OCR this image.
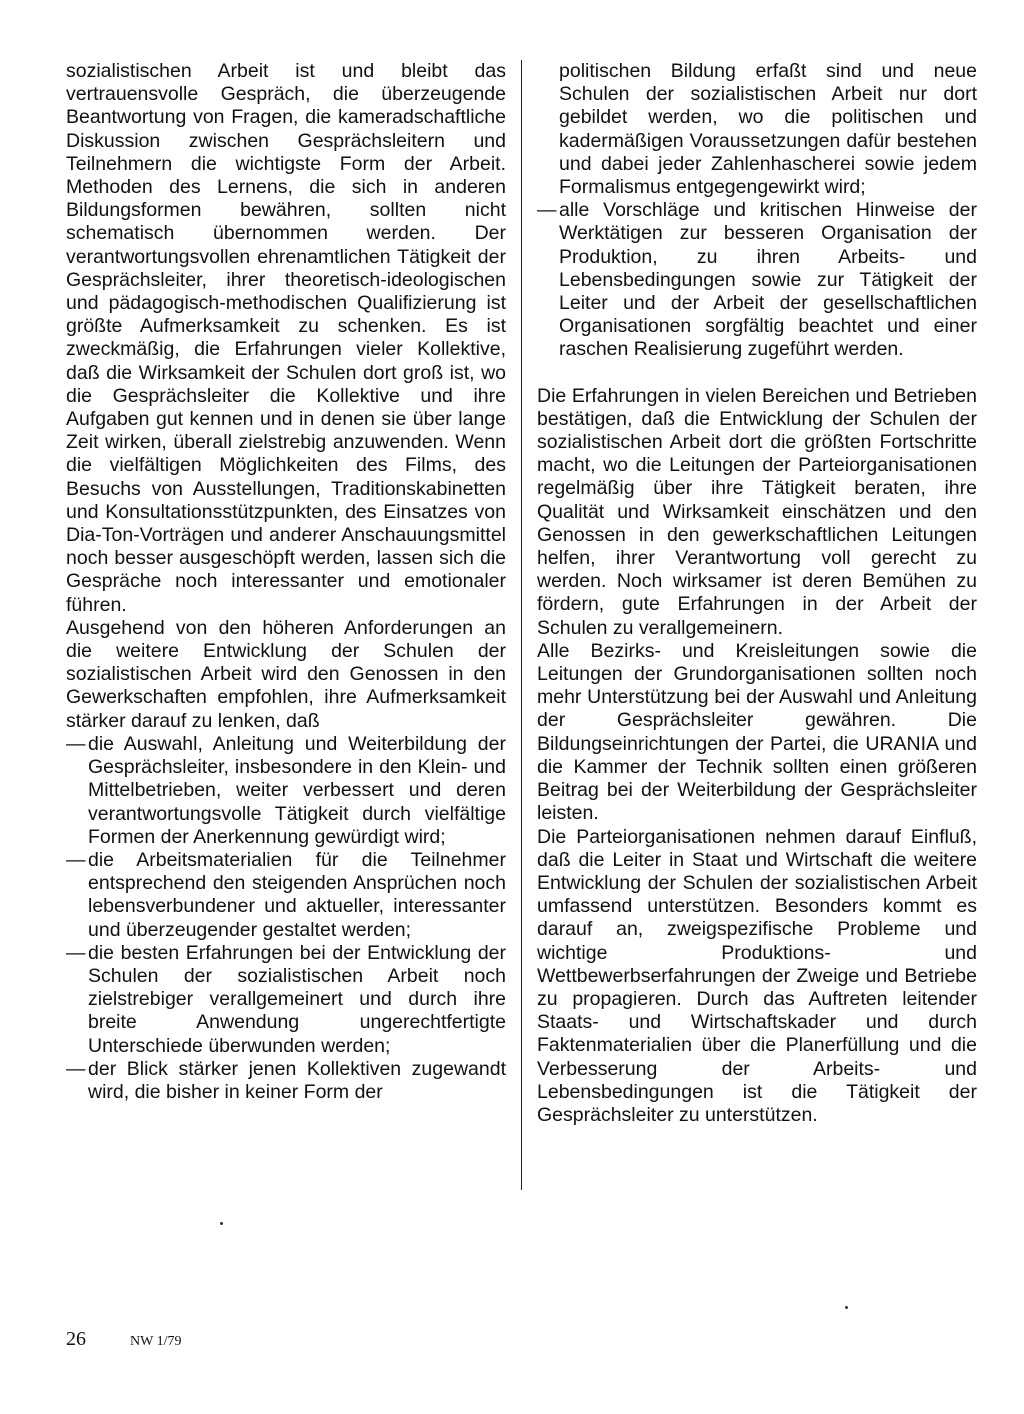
sozialistischen Arbeit ist und bleibt das vertrauensvolle Gespräch, die überzeugende Beantwortung von Fragen, die kameradschaftliche Diskussion zwischen Gesprächsleitern und Teilnehmern die wichtigste Form der Arbeit. Methoden des Lernens, die sich in anderen Bildungsformen bewähren, sollten nicht schematisch übernommen werden. Der verantwortungsvollen ehrenamtlichen Tätigkeit der Gesprächsleiter, ihrer theoretisch-ideologischen und pädagogisch-methodischen Qualifizierung ist größte Aufmerksamkeit zu schenken. Es ist zweckmäßig, die Erfahrungen vieler Kollektive, daß die Wirksamkeit der Schulen dort groß ist, wo die Gesprächsleiter die Kollektive und ihre Aufgaben gut kennen und in denen sie über lange Zeit wirken, überall zielstrebig anzuwenden. Wenn die vielfältigen Möglichkeiten des Films, des Besuchs von Ausstellungen, Traditionskabinetten und Konsultationsstützpunkten, des Einsatzes von Dia-Ton-Vorträgen und anderer Anschauungsmittel noch besser ausgeschöpft werden, lassen sich die Gespräche noch interessanter und emotionaler führen.

Ausgehend von den höheren Anforderungen an die weitere Entwicklung der Schulen der sozialistischen Arbeit wird den Genossen in den Gewerkschaften empfohlen, ihre Aufmerksamkeit stärker darauf zu lenken, daß

— die Auswahl, Anleitung und Weiterbildung der Gesprächsleiter, insbesondere in den Klein- und Mittelbetrieben, weiter verbessert und deren verantwortungsvolle Tätigkeit durch vielfältige Formen der Anerkennung gewürdigt wird;
— die Arbeitsmaterialien für die Teilnehmer entsprechend den steigenden Ansprüchen noch lebensverbundener und aktueller, interessanter und überzeugender gestaltet werden;
— die besten Erfahrungen bei der Entwicklung der Schulen der sozialistischen Arbeit noch zielstrebiger verallgemeinert und durch ihre breite Anwendung ungerechtfertigte Unterschiede überwunden werden;
— der Blick stärker jenen Kollektiven zugewandt wird, die bisher in keiner Form der
politischen Bildung erfaßt sind und neue Schulen der sozialistischen Arbeit nur dort gebildet werden, wo die politischen und kadermäßigen Voraussetzungen dafür bestehen und dabei jeder Zahlenhascherei sowie jedem Formalismus entgegengewirkt wird;
— alle Vorschläge und kritischen Hinweise der Werktätigen zur besseren Organisation der Produktion, zu ihren Arbeits- und Lebensbedingungen sowie zur Tätigkeit der Leiter und der Arbeit der gesellschaftlichen Organisationen sorgfältig beachtet und einer raschen Realisierung zugeführt werden.

Die Erfahrungen in vielen Bereichen und Betrieben bestätigen, daß die Entwicklung der Schulen der sozialistischen Arbeit dort die größten Fortschritte macht, wo die Leitungen der Parteiorganisationen regelmäßig über ihre Tätigkeit beraten, ihre Qualität und Wirksamkeit einschätzen und den Genossen in den gewerkschaftlichen Leitungen helfen, ihrer Verantwortung voll gerecht zu werden. Noch wirksamer ist deren Bemühen zu fördern, gute Erfahrungen in der Arbeit der Schulen zu verallgemeinern.

Alle Bezirks- und Kreisleitungen sowie die Leitungen der Grundorganisationen sollten noch mehr Unterstützung bei der Auswahl und Anleitung der Gesprächsleiter gewähren. Die Bildungseinrichtungen der Partei, die URANIA und die Kammer der Technik sollten einen größeren Beitrag bei der Weiterbildung der Gesprächsleiter leisten.

Die Parteiorganisationen nehmen darauf Einfluß, daß die Leiter in Staat und Wirtschaft die weitere Entwicklung der Schulen der sozialistischen Arbeit umfassend unterstützen. Besonders kommt es darauf an, zweigspezifische Probleme und wichtige Produktions- und Wettbewerbserfahrungen der Zweige und Betriebe zu propagieren. Durch das Auftreten leitender Staats- und Wirtschaftskader und durch Faktenmaterialien über die Planerfüllung und die Verbesserung der Arbeits- und Lebensbedingungen ist die Tätigkeit der Gesprächsleiter zu unterstützen.

26	NW 1/79
